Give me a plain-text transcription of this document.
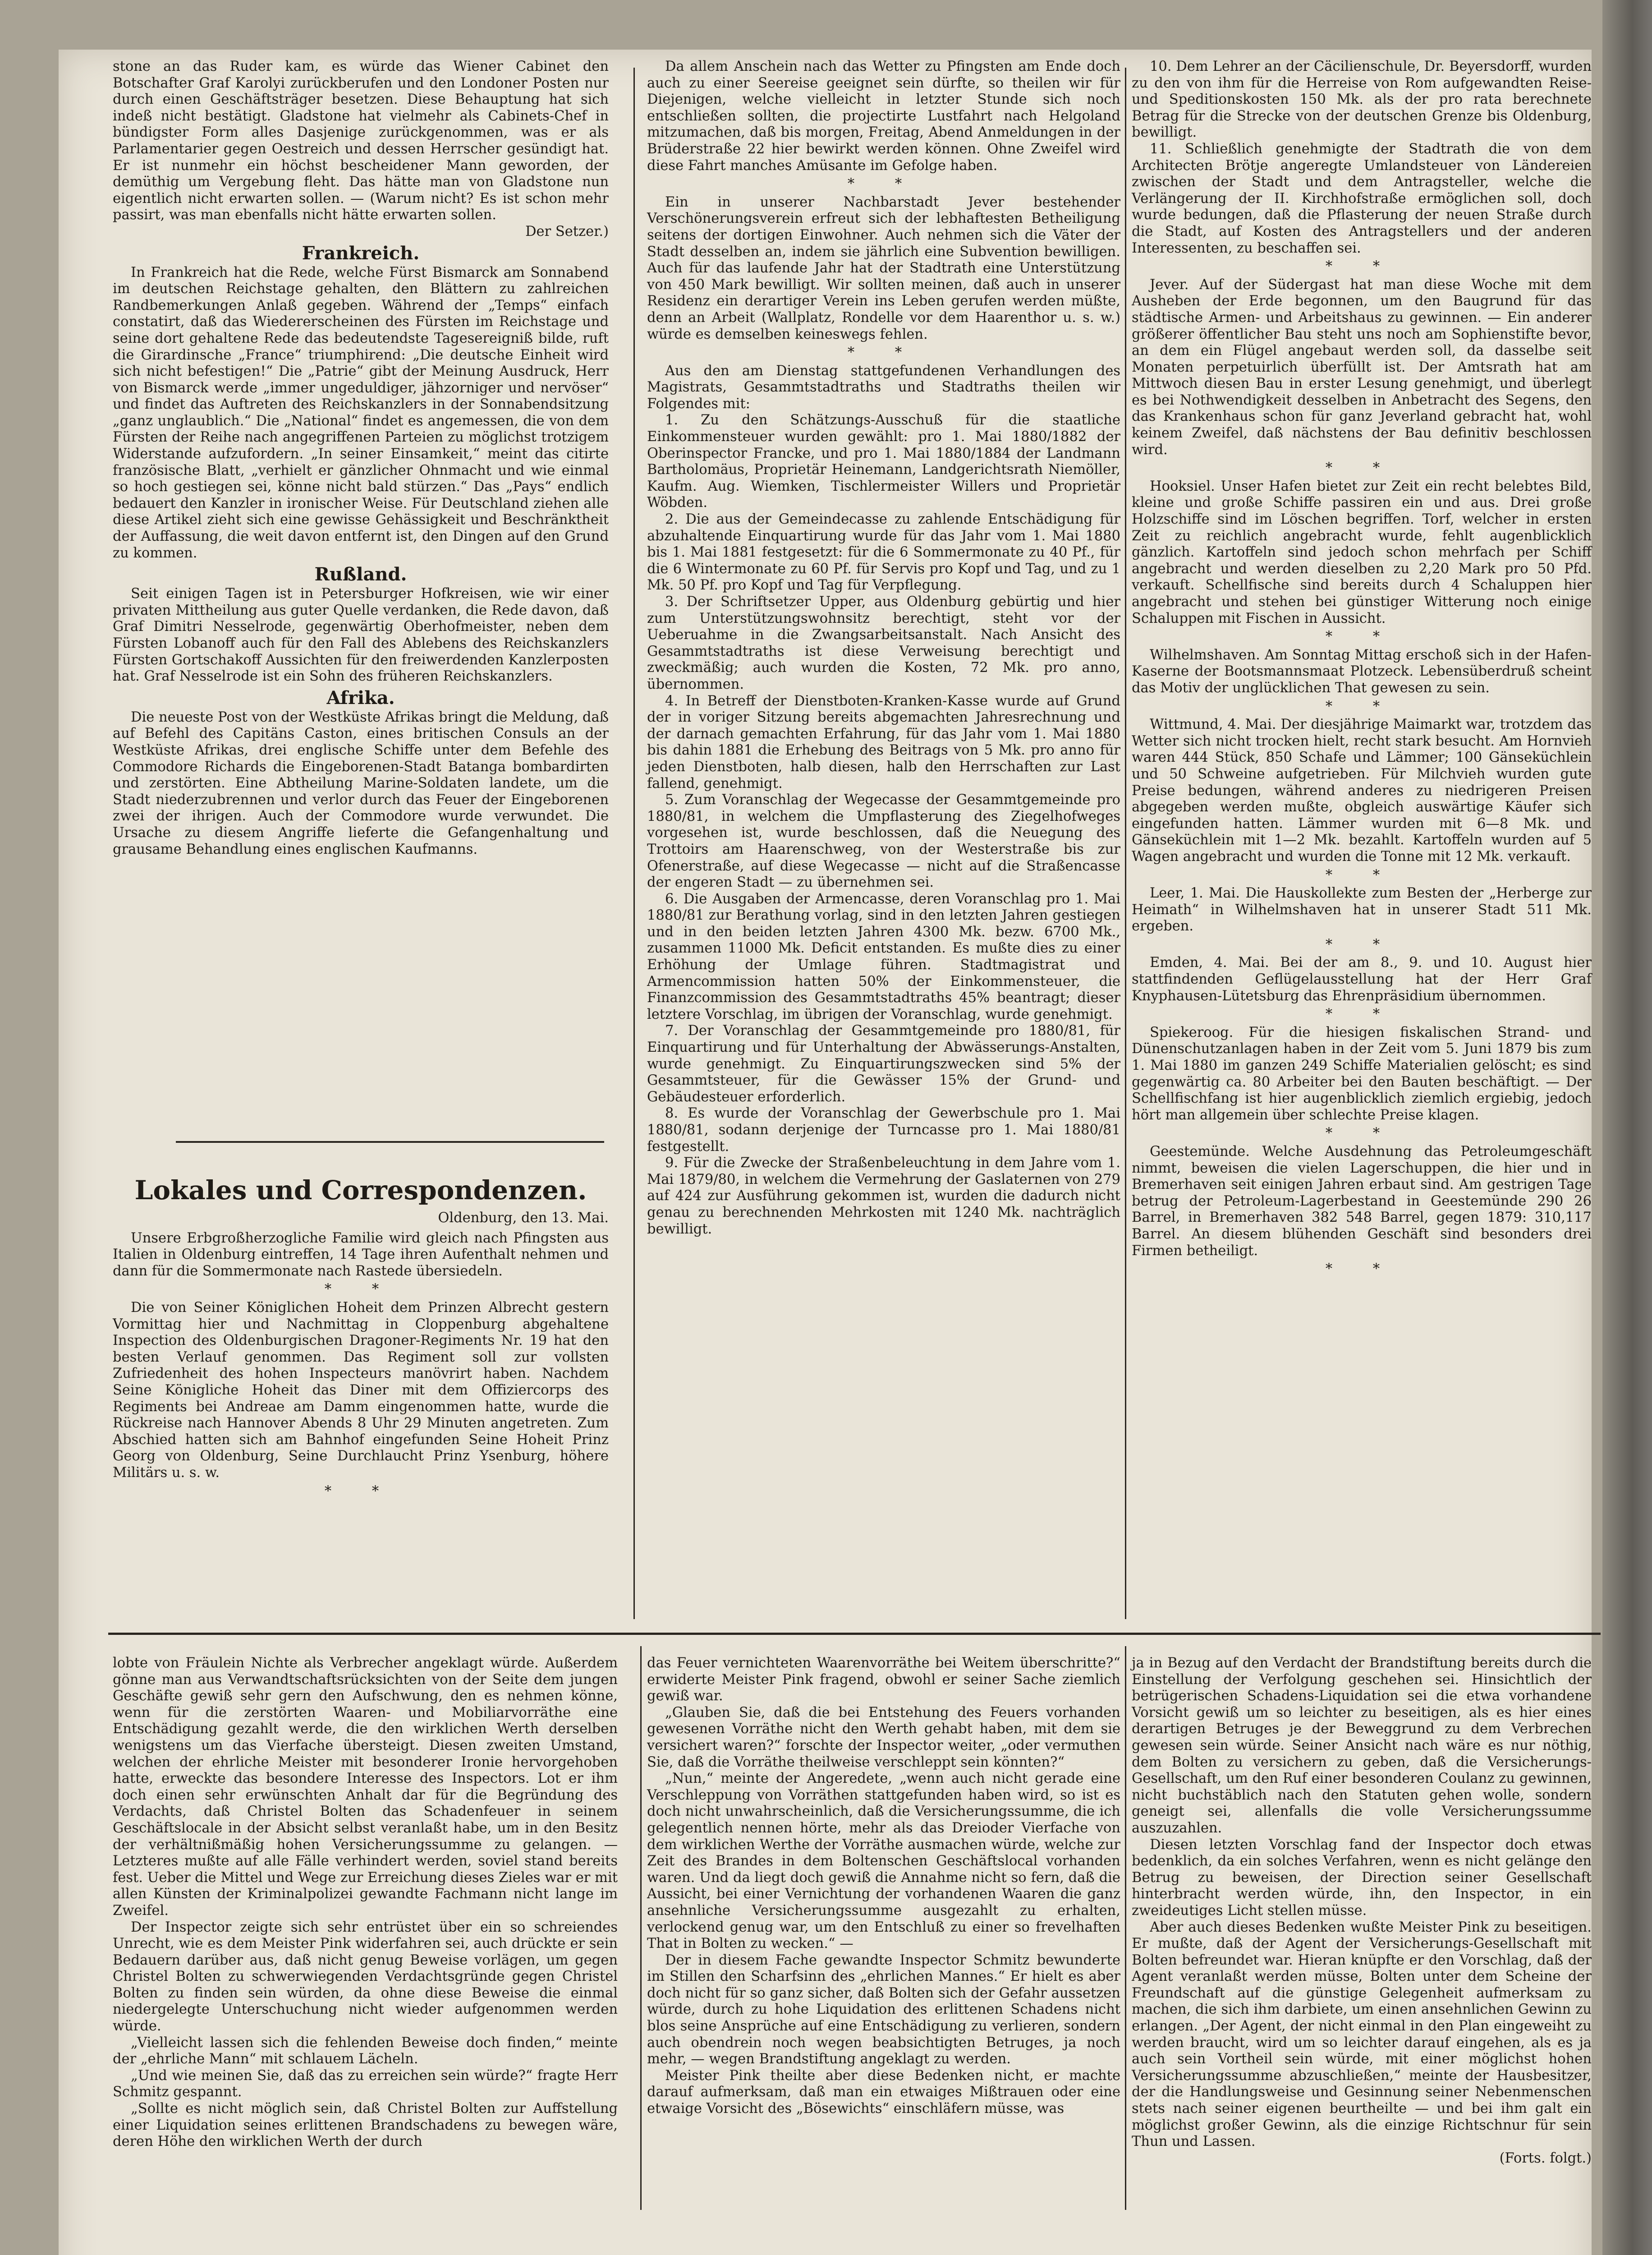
stone an das Ruder kam, es würde das Wiener Cabinet den Botschafter Graf Karolyi zurückberufen und den Londoner Posten nur durch einen Geschäftsträger besetzen. Diese Behauptung hat sich indeß nicht bestätigt. Gladstone hat vielmehr als Cabinets-Chef in bündigster Form alles Dasjenige zurückgenommen, was er als Parlamentarier gegen Oestreich und dessen Herrscher gesündigt hat. Er ist nunmehr ein höchst bescheidener Mann geworden, der demüthig um Vergebung fleht. Das hätte man von Gladstone nun eigentlich nicht erwarten sollen. — (Warum nicht? Es ist schon mehr passirt, was man ebenfalls nicht hätte erwarten sollen.

Der Setzer.)

Frankreich.

In Frankreich hat die Rede, welche Fürst Bismarck am Sonnabend im deutschen Reichstage gehalten, den Blättern zu zahlreichen Randbemerkungen Anlaß gegeben. Während der „Temps“ einfach constatirt, daß das Wiedererscheinen des Fürsten im Reichstage und seine dort gehaltene Rede das bedeutendste Tagesereigniß bilde, ruft die Girardinsche „France“ triumphirend: „Die deutsche Einheit wird sich nicht befestigen!“ Die „Patrie“ gibt der Meinung Ausdruck, Herr von Bismarck werde „immer ungeduldiger, jähzorniger und nervöser“ und findet das Auftreten des Reichskanzlers in der Sonnabendsitzung „ganz unglaublich.“ Die „National“ findet es angemessen, die von dem Fürsten der Reihe nach angegriffenen Parteien zu möglichst trotzigem Widerstande aufzufordern. „In seiner Einsamkeit,“ meint das citirte französische Blatt, „verhielt er gänzlicher Ohnmacht und wie einmal so hoch gestiegen sei, könne nicht bald stürzen.“ Das „Pays“ endlich bedauert den Kanzler in ironischer Weise. Für Deutschland ziehen alle diese Artikel zieht sich eine gewisse Gehässigkeit und Beschränktheit der Auffassung, die weit davon entfernt ist, den Dingen auf den Grund zu kommen.

Rußland.

Seit einigen Tagen ist in Petersburger Hofkreisen, wie wir einer privaten Mittheilung aus guter Quelle verdanken, die Rede davon, daß Graf Dimitri Nesselrode, gegenwärtig Oberhofmeister, neben dem Fürsten Lobanoff auch für den Fall des Ablebens des Reichskanzlers Fürsten Gortschakoff Aussichten für den freiwerdenden Kanzlerposten hat. Graf Nesselrode ist ein Sohn des früheren Reichskanzlers.

Afrika.

Die neueste Post von der Westküste Afrikas bringt die Meldung, daß auf Befehl des Capitäns Caston, eines britischen Consuls an der Westküste Afrikas, drei englische Schiffe unter dem Befehle des Commodore Richards die Eingeborenen-Stadt Batanga bombardirten und zerstörten. Eine Abtheilung Marine-Soldaten landete, um die Stadt niederzubrennen und verlor durch das Feuer der Eingeborenen zwei der ihrigen. Auch der Commodore wurde verwundet. Die Ursache zu diesem Angriffe lieferte die Gefangenhaltung und grausame Behandlung eines englischen Kaufmanns.

Lokales und Correspondenzen.

Oldenburg, den 13. Mai.

Unsere Erbgroßherzogliche Familie wird gleich nach Pfingsten aus Italien in Oldenburg eintreffen, 14 Tage ihren Aufenthalt nehmen und dann für die Sommermonate nach Rastede übersiedeln.

* *

Die von Seiner Königlichen Hoheit dem Prinzen Albrecht gestern Vormittag hier und Nachmittag in Cloppenburg abgehaltene Inspection des Oldenburgischen Dragoner-Regiments Nr. 19 hat den besten Verlauf genommen. Das Regiment soll zur vollsten Zufriedenheit des hohen Inspecteurs manövrirt haben. Nachdem Seine Königliche Hoheit das Diner mit dem Offiziercorps des Regiments bei Andreae am Damm eingenommen hatte, wurde die Rückreise nach Hannover Abends 8 Uhr 29 Minuten angetreten. Zum Abschied hatten sich am Bahnhof eingefunden Seine Hoheit Prinz Georg von Oldenburg, Seine Durchlaucht Prinz Ysenburg, höhere Militärs u. s. w.

* *

Da allem Anschein nach das Wetter zu Pfingsten am Ende doch auch zu einer Seereise geeignet sein dürfte, so theilen wir für Diejenigen, welche vielleicht in letzter Stunde sich noch entschließen sollten, die projectirte Lustfahrt nach Helgoland mitzumachen, daß bis morgen, Freitag, Abend Anmeldungen in der Brüderstraße 22 hier bewirkt werden können. Ohne Zweifel wird diese Fahrt manches Amüsante im Gefolge haben.

* *

Ein in unserer Nachbarstadt Jever bestehender Verschönerungsverein erfreut sich der lebhaftesten Betheiligung seitens der dortigen Einwohner. Auch nehmen sich die Väter der Stadt desselben an, indem sie jährlich eine Subvention bewilligen. Auch für das laufende Jahr hat der Stadtrath eine Unterstützung von 450 Mark bewilligt. Wir sollten meinen, daß auch in unserer Residenz ein derartiger Verein ins Leben gerufen werden müßte, denn an Arbeit (Wallplatz, Rondelle vor dem Haarenthor u. s. w.) würde es demselben keineswegs fehlen.

* *

Aus den am Dienstag stattgefundenen Verhandlungen des Magistrats, Gesammtstadtraths und Stadtraths theilen wir Folgendes mit:

1. Zu den Schätzungs-Ausschuß für die staatliche Einkommensteuer wurden gewählt: pro 1. Mai 1880/1882 der Oberinspector Francke, und pro 1. Mai 1880/1884 der Landmann Bartholomäus, Proprietär Heinemann, Landgerichtsrath Niemöller, Kaufm. Aug. Wiemken, Tischlermeister Willers und Proprietär Wöbden.

2. Die aus der Gemeindecasse zu zahlende Entschädigung für abzuhaltende Einquartirung wurde für das Jahr vom 1. Mai 1880 bis 1. Mai 1881 festgesetzt: für die 6 Sommermonate zu 40 Pf., für die 6 Wintermonate zu 60 Pf. für Servis pro Kopf und Tag, und zu 1 Mk. 50 Pf. pro Kopf und Tag für Verpflegung.

3. Der Schriftsetzer Upper, aus Oldenburg gebürtig und hier zum Unterstützungswohnsitz berechtigt, steht vor der Ueberuahme in die Zwangsarbeitsanstalt. Nach Ansicht des Gesammtstadtraths ist diese Verweisung berechtigt und zweckmäßig; auch wurden die Kosten, 72 Mk. pro anno, übernommen.

4. In Betreff der Dienstboten-Kranken-Kasse wurde auf Grund der in voriger Sitzung bereits abgemachten Jahresrechnung und der darnach gemachten Erfahrung, für das Jahr vom 1. Mai 1880 bis dahin 1881 die Erhebung des Beitrags von 5 Mk. pro anno für jeden Dienstboten, halb diesen, halb den Herrschaften zur Last fallend, genehmigt.

5. Zum Voranschlag der Wegecasse der Gesammtgemeinde pro 1880/81, in welchem die Umpflasterung des Ziegelhofweges vorgesehen ist, wurde beschlossen, daß die Neuegung des Trottoirs am Haarenschweg, von der Westerstraße bis zur Ofenerstraße, auf diese Wegecasse — nicht auf die Straßencasse der engeren Stadt — zu übernehmen sei.

6. Die Ausgaben der Armencasse, deren Voranschlag pro 1. Mai 1880/81 zur Berathung vorlag, sind in den letzten Jahren gestiegen und in den beiden letzten Jahren 4300 Mk. bezw. 6700 Mk., zusammen 11000 Mk. Deficit entstanden. Es mußte dies zu einer Erhöhung der Umlage führen. Stadtmagistrat und Armencommission hatten 50% der Einkommensteuer, die Finanzcommission des Gesammtstadtraths 45% beantragt; dieser letztere Vorschlag, im übrigen der Voranschlag, wurde genehmigt.

7. Der Voranschlag der Gesammtgemeinde pro 1880/81, für Einquartirung und für Unterhaltung der Abwässerungs-Anstalten, wurde genehmigt. Zu Einquartirungszwecken sind 5% der Gesammtsteuer, für die Gewässer 15% der Grund- und Gebäudesteuer erforderlich.

8. Es wurde der Voranschlag der Gewerbschule pro 1. Mai 1880/81, sodann derjenige der Turncasse pro 1. Mai 1880/81 festgestellt.

9. Für die Zwecke der Straßenbeleuchtung in dem Jahre vom 1. Mai 1879/80, in welchem die Vermehrung der Gaslaternen von 279 auf 424 zur Ausführung gekommen ist, wurden die dadurch nicht genau zu berechnenden Mehrkosten mit 1240 Mk. nachträglich bewilligt.

10. Dem Lehrer an der Cäcilienschule, Dr. Beyersdorff, wurden zu den von ihm für die Herreise von Rom aufgewandten Reise- und Speditionskosten 150 Mk. als der pro rata berechnete Betrag für die Strecke von der deutschen Grenze bis Oldenburg, bewilligt.

11. Schließlich genehmigte der Stadtrath die von dem Architecten Brötje angeregte Umlandsteuer von Ländereien zwischen der Stadt und dem Antragsteller, welche die Verlängerung der II. Kirchhofstraße ermöglichen soll, doch wurde bedungen, daß die Pflasterung der neuen Straße durch die Stadt, auf Kosten des Antragstellers und der anderen Interessenten, zu beschaffen sei.

* *

Jever. Auf der Südergast hat man diese Woche mit dem Ausheben der Erde begonnen, um den Baugrund für das städtische Armen- und Arbeitshaus zu gewinnen. — Ein anderer größerer öffentlicher Bau steht uns noch am Sophienstifte bevor, an dem ein Flügel angebaut werden soll, da dasselbe seit Monaten perpetuirlich überfüllt ist. Der Amtsrath hat am Mittwoch diesen Bau in erster Lesung genehmigt, und überlegt es bei Nothwendigkeit desselben in Anbetracht des Segens, den das Krankenhaus schon für ganz Jeverland gebracht hat, wohl keinem Zweifel, daß nächstens der Bau definitiv beschlossen wird.

* *

Hooksiel. Unser Hafen bietet zur Zeit ein recht belebtes Bild, kleine und große Schiffe passiren ein und aus. Drei große Holzschiffe sind im Löschen begriffen. Torf, welcher in ersten Zeit zu reichlich angebracht wurde, fehlt augenblicklich gänzlich. Kartoffeln sind jedoch schon mehrfach per Schiff angebracht und werden dieselben zu 2,20 Mark pro 50 Pfd. verkauft. Schellfische sind bereits durch 4 Schaluppen hier angebracht und stehen bei günstiger Witterung noch einige Schaluppen mit Fischen in Aussicht.

* *

Wilhelmshaven. Am Sonntag Mittag erschoß sich in der Hafen-Kaserne der Bootsmannsmaat Plotzeck. Lebensüberdruß scheint das Motiv der unglücklichen That gewesen zu sein.

* *

Wittmund, 4. Mai. Der diesjährige Maimarkt war, trotzdem das Wetter sich nicht trocken hielt, recht stark besucht. Am Hornvieh waren 444 Stück, 850 Schafe und Lämmer; 100 Gänseküchlein und 50 Schweine aufgetrieben. Für Milchvieh wurden gute Preise bedungen, während anderes zu niedrigeren Preisen abgegeben werden mußte, obgleich auswärtige Käufer sich eingefunden hatten. Lämmer wurden mit 6—8 Mk. und Gänseküchlein mit 1—2 Mk. bezahlt. Kartoffeln wurden auf 5 Wagen angebracht und wurden die Tonne mit 12 Mk. verkauft.

* *

Leer, 1. Mai. Die Hauskollekte zum Besten der „Herberge zur Heimath“ in Wilhelmshaven hat in unserer Stadt 511 Mk. ergeben.

* *

Emden, 4. Mai. Bei der am 8., 9. und 10. August hier stattfindenden Geflügelausstellung hat der Herr Graf Knyphausen-Lütetsburg das Ehrenpräsidium übernommen.

* *

Spiekeroog. Für die hiesigen fiskalischen Strand- und Dünenschutzanlagen haben in der Zeit vom 5. Juni 1879 bis zum 1. Mai 1880 im ganzen 249 Schiffe Materialien gelöscht; es sind gegenwärtig ca. 80 Arbeiter bei den Bauten beschäftigt. — Der Schellfischfang ist hier augenblicklich ziemlich ergiebig, jedoch hört man allgemein über schlechte Preise klagen.

* *

Geestemünde. Welche Ausdehnung das Petroleumgeschäft nimmt, beweisen die vielen Lagerschuppen, die hier und in Bremerhaven seit einigen Jahren erbaut sind. Am gestrigen Tage betrug der Petroleum-Lagerbestand in Geestemünde 290 26 Barrel, in Bremerhaven 382 548 Barrel, gegen 1879: 310,117 Barrel. An diesem blühenden Geschäft sind besonders drei Firmen betheiligt.

* *

lobte von Fräulein Nichte als Verbrecher angeklagt würde. Außerdem gönne man aus Verwandtschaftsrücksichten von der Seite dem jungen Geschäfte gewiß sehr gern den Aufschwung, den es nehmen könne, wenn für die zerstörten Waaren- und Mobiliarvorräthe eine Entschädigung gezahlt werde, die den wirklichen Werth derselben wenigstens um das Vierfache übersteigt. Diesen zweiten Umstand, welchen der ehrliche Meister mit besonderer Ironie hervorgehoben hatte, erweckte das besondere Interesse des Inspectors. Lot er ihm doch einen sehr erwünschten Anhalt dar für die Begründung des Verdachts, daß Christel Bolten das Schadenfeuer in seinem Geschäftslocale in der Absicht selbst veranlaßt habe, um in den Besitz der verhältnißmäßig hohen Versicherungssumme zu gelangen. — Letzteres mußte auf alle Fälle verhindert werden, soviel stand bereits fest. Ueber die Mittel und Wege zur Erreichung dieses Zieles war er mit allen Künsten der Kriminalpolizei gewandte Fachmann nicht lange im Zweifel.

Der Inspector zeigte sich sehr entrüstet über ein so schreiendes Unrecht, wie es dem Meister Pink widerfahren sei, auch drückte er sein Bedauern darüber aus, daß nicht genug Beweise vorlägen, um gegen Christel Bolten zu schwerwiegenden Verdachtsgründe gegen Christel Bolten zu finden sein würden, da ohne diese Beweise die einmal niedergelegte Unterschuchung nicht wieder aufgenommen werden würde.

„Vielleicht lassen sich die fehlenden Beweise doch finden,“ meinte der „ehrliche Mann“ mit schlauem Lächeln.

„Und wie meinen Sie, daß das zu erreichen sein würde?“ fragte Herr Schmitz gespannt.

„Sollte es nicht möglich sein, daß Christel Bolten zur Auffstellung einer Liquidation seines erlittenen Brandschadens zu bewegen wäre, deren Höhe den wirklichen Werth der durch

das Feuer vernichteten Waarenvorräthe bei Weitem überschritte?“ erwiderte Meister Pink fragend, obwohl er seiner Sache ziemlich gewiß war.

„Glauben Sie, daß die bei Entstehung des Feuers vorhanden gewesenen Vorräthe nicht den Werth gehabt haben, mit dem sie versichert waren?“ forschte der Inspector weiter, „oder vermuthen Sie, daß die Vorräthe theilweise verschleppt sein könnten?“

„Nun,“ meinte der Angeredete, „wenn auch nicht gerade eine Verschleppung von Vorräthen stattgefunden haben wird, so ist es doch nicht unwahrscheinlich, daß die Versicherungssumme, die ich gelegentlich nennen hörte, mehr als das Dreioder Vierfache von dem wirklichen Werthe der Vorräthe ausmachen würde, welche zur Zeit des Brandes in dem Boltenschen Geschäftslocal vorhanden waren. Und da liegt doch gewiß die Annahme nicht so fern, daß die Aussicht, bei einer Vernichtung der vorhandenen Waaren die ganz ansehnliche Versicherungssumme ausgezahlt zu erhalten, verlockend genug war, um den Entschluß zu einer so frevelhaften That in Bolten zu wecken.“ —

Der in diesem Fache gewandte Inspector Schmitz bewunderte im Stillen den Scharfsinn des „ehrlichen Mannes.“ Er hielt es aber doch nicht für so ganz sicher, daß Bolten sich der Gefahr aussetzen würde, durch zu hohe Liquidation des erlittenen Schadens nicht blos seine Ansprüche auf eine Entschädigung zu verlieren, sondern auch obendrein noch wegen beabsichtigten Betruges, ja noch mehr, — wegen Brandstiftung angeklagt zu werden.

Meister Pink theilte aber diese Bedenken nicht, er machte darauf aufmerksam, daß man ein etwaiges Mißtrauen oder eine etwaige Vorsicht des „Bösewichts“ einschläfern müsse, was

ja in Bezug auf den Verdacht der Brandstiftung bereits durch die Einstellung der Verfolgung geschehen sei. Hinsichtlich der betrügerischen Schadens-Liquidation sei die etwa vorhandene Vorsicht gewiß um so leichter zu beseitigen, als es hier eines derartigen Betruges je der Beweggrund zu dem Verbrechen gewesen sein würde. Seiner Ansicht nach wäre es nur nöthig, dem Bolten zu versichern zu geben, daß die Versicherungs-Gesellschaft, um den Ruf einer besonderen Coulanz zu gewinnen, nicht buchstäblich nach den Statuten gehen wolle, sondern geneigt sei, allenfalls die volle Versicherungssumme auszuzahlen.

Diesen letzten Vorschlag fand der Inspector doch etwas bedenklich, da ein solches Verfahren, wenn es nicht gelänge den Betrug zu beweisen, der Direction seiner Gesellschaft hinterbracht werden würde, ihn, den Inspector, in ein zweideutiges Licht stellen müsse.

Aber auch dieses Bedenken wußte Meister Pink zu beseitigen. Er mußte, daß der Agent der Versicherungs-Gesellschaft mit Bolten befreundet war. Hieran knüpfte er den Vorschlag, daß der Agent veranlaßt werden müsse, Bolten unter dem Scheine der Freundschaft auf die günstige Gelegenheit aufmerksam zu machen, die sich ihm darbiete, um einen ansehnlichen Gewinn zu erlangen. „Der Agent, der nicht einmal in den Plan eingeweiht zu werden braucht, wird um so leichter darauf eingehen, als es ja auch sein Vortheil sein würde, mit einer möglichst hohen Versicherungssumme abzuschließen,“ meinte der Hausbesitzer, der die Handlungsweise und Gesinnung seiner Nebenmenschen stets nach seiner eigenen beurtheilte — und bei ihm galt ein möglichst großer Gewinn, als die einzige Richtschnur für sein Thun und Lassen.

(Forts. folgt.)
